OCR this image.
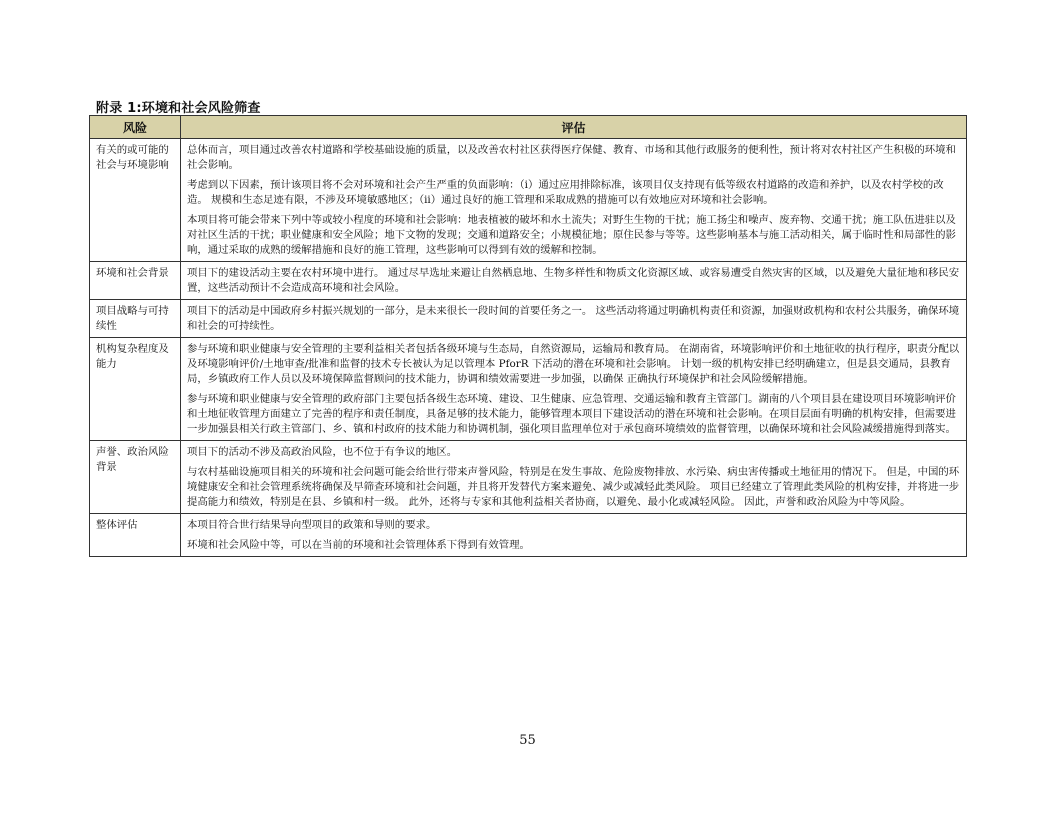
附录 1:环境和社会风险筛查
风险	评估
有关的或可能的社会与环境影响	总体而言，项目通过改善农村道路和学校基础设施的质量，以及改善农村社区获得医疗保健、教育、市场和其他行政服务的便利性，预计将对农村社区产生积极的环境和社会影响。

考虑到以下因素，预计该项目将不会对环境和社会产生严重的负面影响：（i）通过应用排除标准，该项目仅支持现有低等级农村道路的改造和养护，以及农村学校的改造。 规模和生态足迹有限，不涉及环境敏感地区；（ii）通过良好的施工管理和采取成熟的措施可以有效地应对环境和社会影响。

本项目将可能会带来下列中等或较小程度的环境和社会影响：地表植被的破坏和水土流失；对野生生物的干扰；施工扬尘和噪声、废弃物、交通干扰；施工队伍进驻以及对社区生活的干扰；职业健康和安全风险；地下文物的发现；交通和道路安全；小规模征地；原住民参与等等。这些影响基本与施工活动相关，属于临时性和局部性的影响，通过采取的成熟的缓解措施和良好的施工管理，这些影响可以得到有效的缓解和控制。

环境和社会背景	项目下的建设活动主要在农村环境中进行。 通过尽早选址来避让自然栖息地、生物多样性和物质文化资源区域、或容易遭受自然灾害的区域，以及避免大量征地和移民安置，这些活动预计不会造成高环境和社会风险。

项目战略与可持续性	项目下的活动是中国政府乡村振兴规划的一部分，是未来很长一段时间的首要任务之一。 这些活动将通过明确机构责任和资源，加强财政机构和农村公共服务，确保环境和社会的可持续性。

机构复杂程度及能力	参与环境和职业健康与安全管理的主要利益相关者包括各级环境与生态局，自然资源局，运输局和教育局。 在湖南省，环境影响评价和土地征收的执行程序，职责分配以及环境影响评价/土地审查/批准和监督的技术专长被认为足以管理本 PforR 下活动的潜在环境和社会影响。 计划一级的机构安排已经明确建立，但是县交通局，县教育局，乡镇政府工作人员以及环境保障监督顾问的技术能力，协调和绩效需要进一步加强，以确保 正确执行环境保护和社会风险缓解措施。

参与环境和职业健康与安全管理的政府部门主要包括各级生态环境、建设、卫生健康、应急管理、交通运输和教育主管部门。湖南的八个项目县在建设项目环境影响评价和土地征收管理方面建立了完善的程序和责任制度，具备足够的技术能力，能够管理本项目下建设活动的潜在环境和社会影响。在项目层面有明确的机构安排，但需要进一步加强县相关行政主管部门、乡、镇和村政府的技术能力和协调机制，强化项目监理单位对于承包商环境绩效的监督管理，以确保环境和社会风险减缓措施得到落实。

声誉、政治风险背景	项目下的活动不涉及高政治风险，也不位于有争议的地区。

与农村基础设施项目相关的环境和社会问题可能会给世行带来声誉风险，特别是在发生事故、危险废物排放、水污染、病虫害传播或土地征用的情况下。 但是，中国的环境健康安全和社会管理系统将确保及早筛查环境和社会问题，并且将开发替代方案来避免、减少或减轻此类风险。 项目已经建立了管理此类风险的机构安排，并将进一步提高能力和绩效，特别是在县、乡镇和村一级。 此外，还将与专家和其他利益相关者协商，以避免、最小化或减轻风险。 因此，声誉和政治风险为中等风险。

整体评估	本项目符合世行结果导向型项目的政策和导则的要求。

环境和社会风险中等，可以在当前的环境和社会管理体系下得到有效管理。

55
